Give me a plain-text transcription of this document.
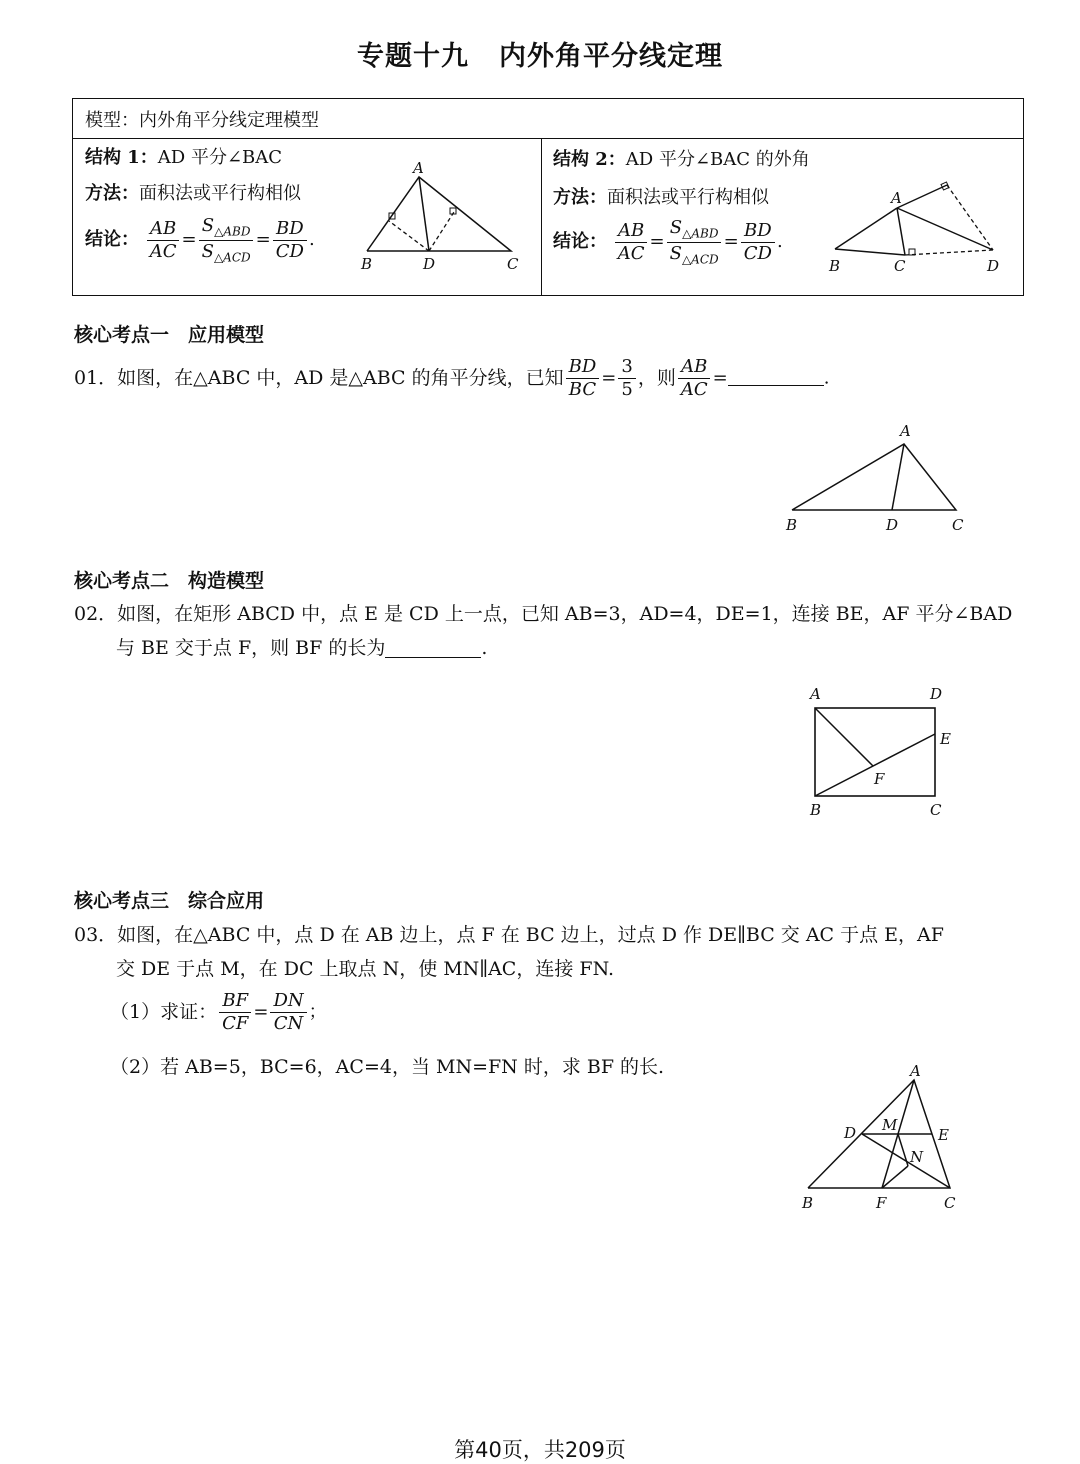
专题十九 内外角平分线定理
模型：内外角平分线定理模型
结构 1：AD 平分∠BAC
方法：面积法或平行构相似
结论： $\frac{AB}{AC} = \frac{S_{\triangle ABD}}{S_{\triangle ACD}} = \frac{BD}{CD}$ .
A
B	D	C
结构 2：AD 平分∠BAC 的外角
方法：面积法或平行构相似
结论： $\frac{AB}{AC} = \frac{S_{\triangle ABD}}{S_{\triangle ACD}} = \frac{BD}{CD}$ .
A
B	C	D
核心考点一　应用模型
01．如图，在△ABC 中，AD 是△ABC 的角平分线，已知 $\frac{BD}{BC} = \frac{3}{5}$ ，则 $\frac{AB}{AC}$ =	.
A
B	D	C
核心考点二　构造模型
02．如图，在矩形 ABCD 中，点 E 是 CD 上一点，已知 AB=3，AD=4，DE=1，连接 BE，AF 平分∠BAD
与 BE 交于点 F，则 BF 的长为	.
A	D
E
F
B	C
核心考点三　综合应用
03．如图，在△ABC 中，点 D 在 AB 边上，点 F 在 BC 边上，过点 D 作 DE∥BC 交 AC 于点 E，AF
交 DE 于点 M，在 DC 上取点 N，使 MN∥AC，连接 FN.
（1）求证： $\frac{BF}{CF} = \frac{DN}{CN}$ ；
（2）若 AB=5，BC=6，AC=4，当 MN=FN 时，求 BF 的长.	A
D M
E
N
B	F	C
第40页，共209页
